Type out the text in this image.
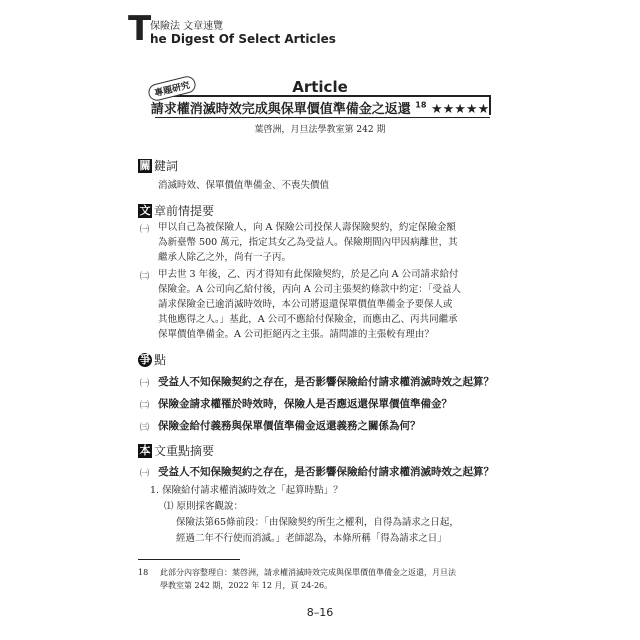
T
保險法 文章速覽
he Digest Of Select Articles
Article
專題研究
請求權消滅時效完成與保單價值準備金之返還 $^{18}$ ★★★★★
葉啓洲，月旦法學教室第 242 期
關 鍵詞
消滅時效、保單價值準備金、不喪失價值
文 章前情提要
㈠ 甲以自己為被保險人，向 A 保險公司投保人壽保險契約，約定保險金額
為新臺幣 500 萬元，指定其女乙為受益人。保險期間內甲因病離世，其
繼承人除乙之外，尚有一子丙。
㈡ 甲去世 3 年後，乙、丙才得知有此保險契約，於是乙向 A 公司請求給付
保險金。A 公司向乙給付後，丙向 A 公司主張契約條款中約定：「受益人
請求保險金已逾消滅時效時，本公司將退還保單價值準備金予要保人或
其他應得之人。」基此，A 公司不應給付保險金，而應由乙、丙共同繼承
保單價值準備金。A 公司拒絕丙之主張。請問誰的主張較有理由？
爭 點
㈠ 受益人不知保險契約之存在，是否影響保險給付請求權消滅時效之起算？
㈡ 保險金請求權罹於時效時，保險人是否應返還保單價值準備金？
㈢ 保險金給付義務與保單價值準備金返還義務之關係為何？
本 文重點摘要
㈠ 受益人不知保險契約之存在，是否影響保險給付請求權消滅時效之起算？
1. 保險給付請求權消滅時效之「起算時點」？
⑴ 原則採客觀說：
保險法第65條前段：「由保險契約所生之權利，自得為請求之日起，
經過二年不行使而消滅。」老師認為，本條所稱「得為請求之日」
18 此部分內容整理自：葉啓洲，請求權消滅時效完成與保單價值準備金之返還，月旦法
學教室第 242 期，2022 年 12 月，頁 24-26。
8–16
